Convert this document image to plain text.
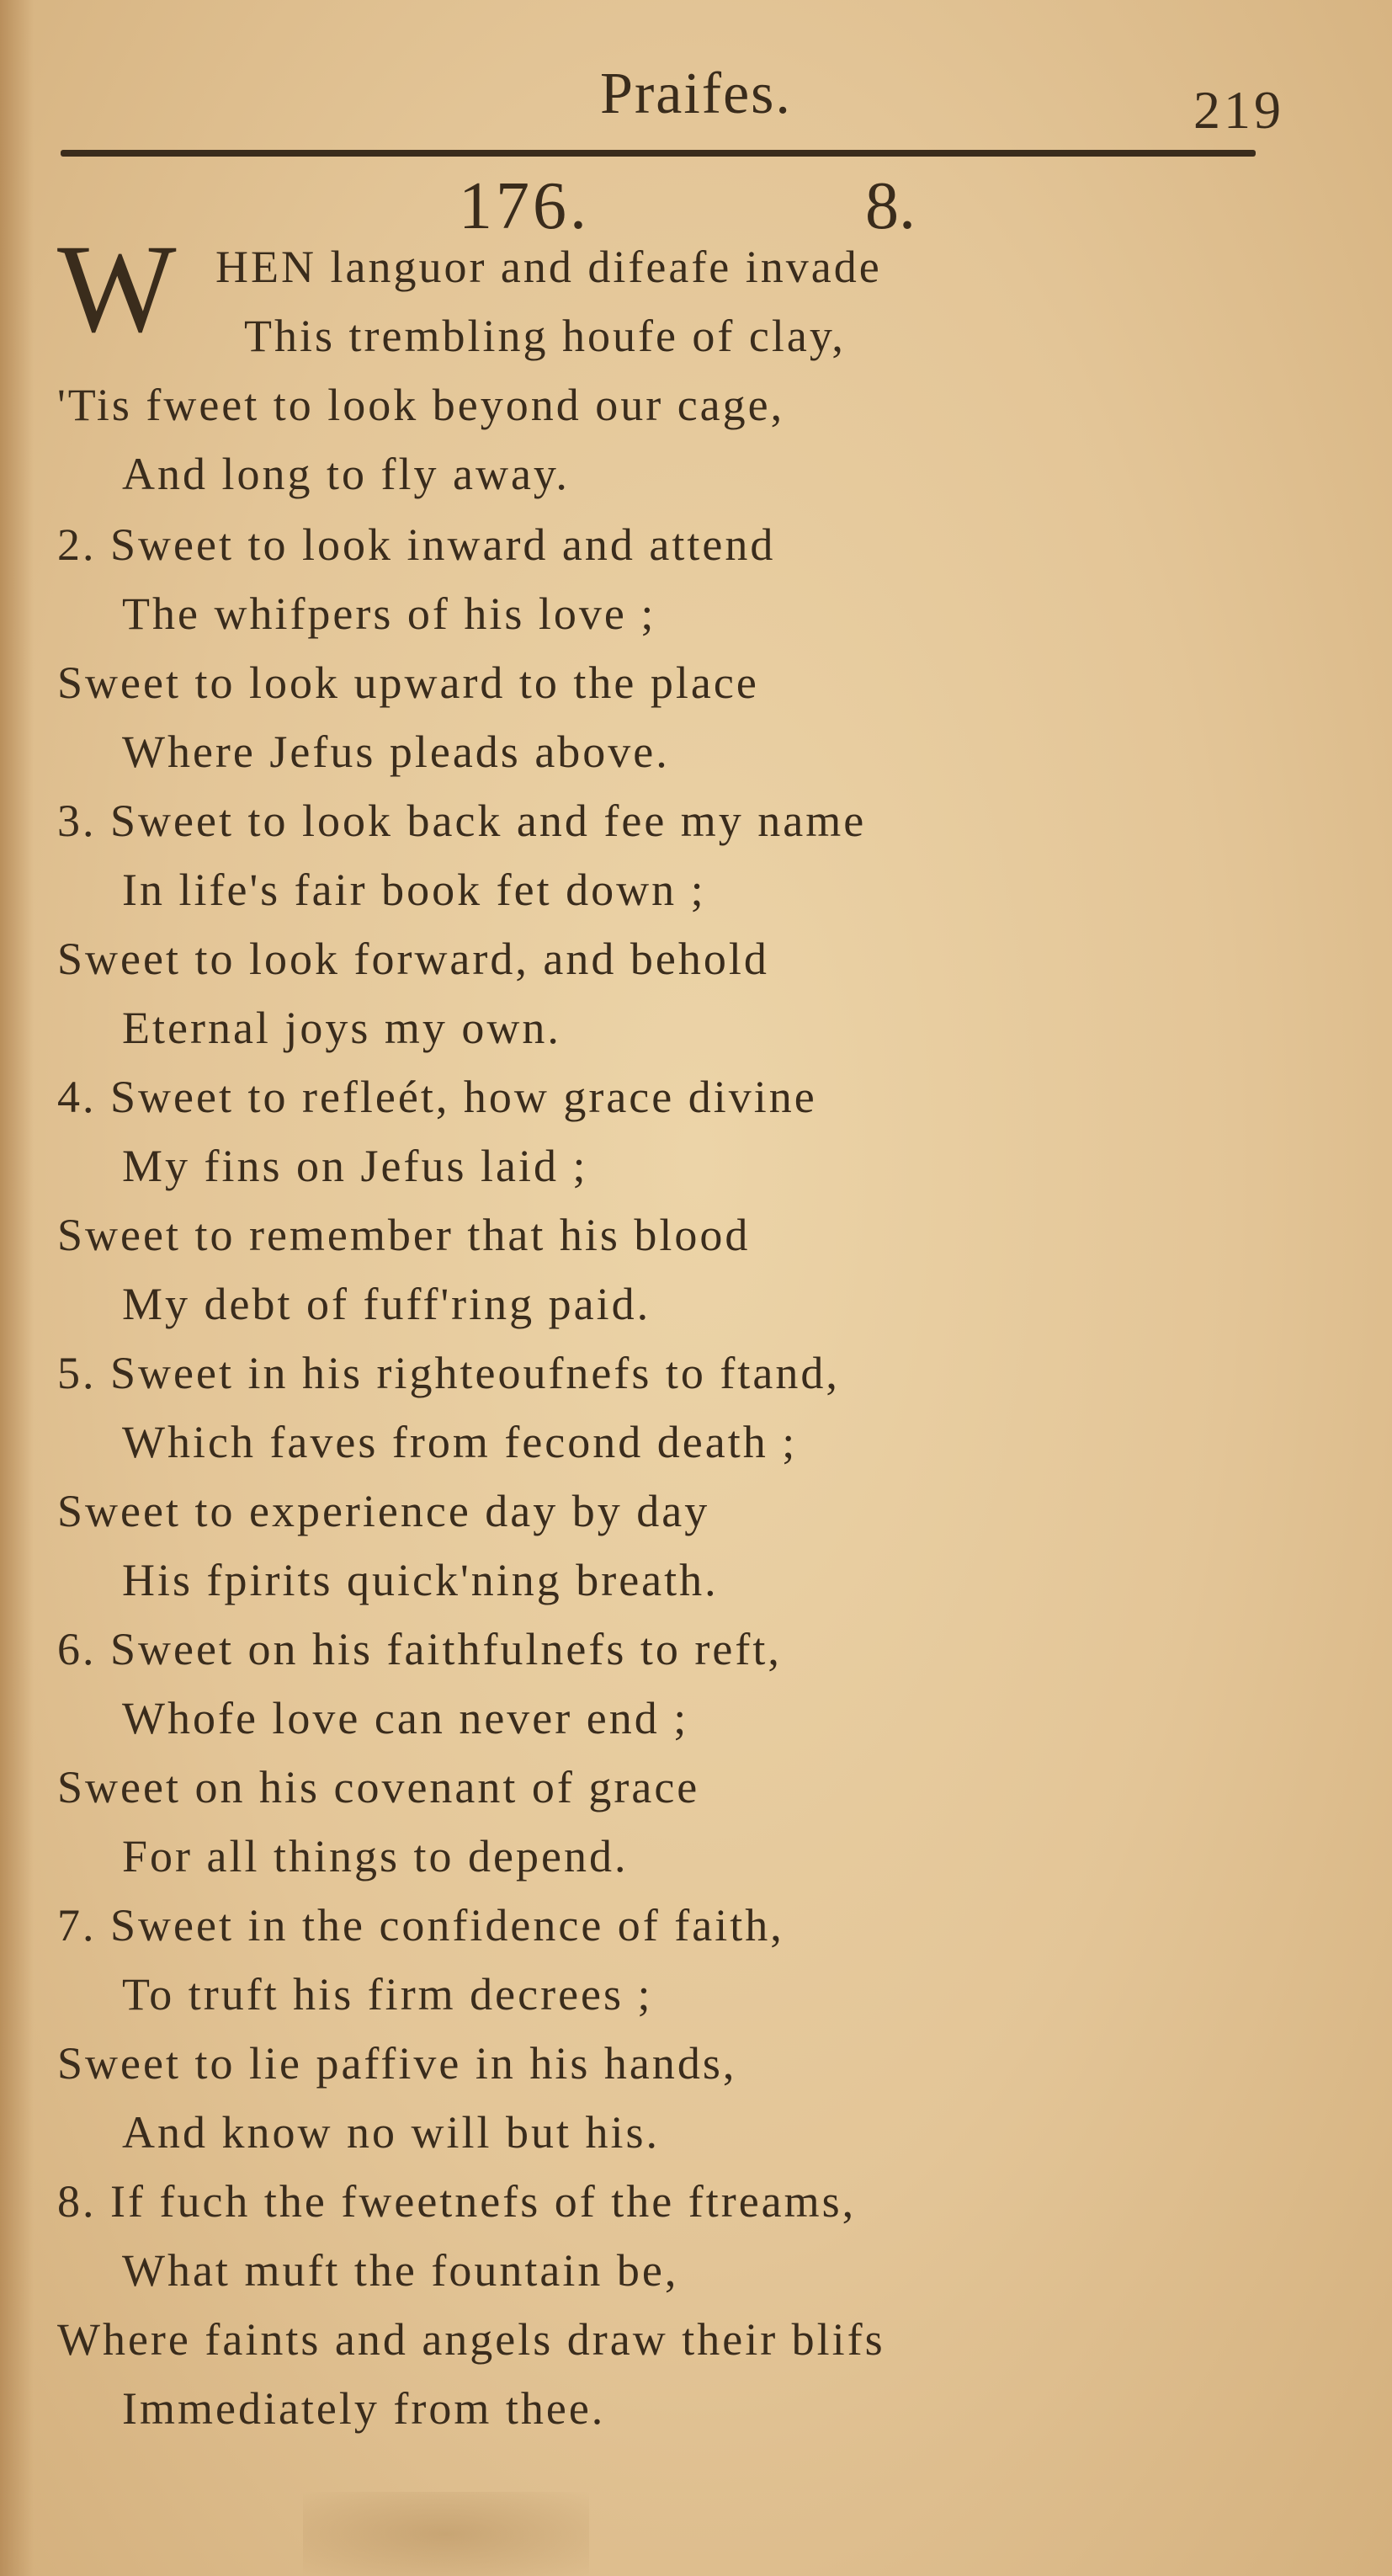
Praifes.	219
176.	8.
W HEN languor and difeafe invade
This trembling houfe of clay,
'Tis fweet to look beyond our cage,
And long to fly away.
2. Sweet to look inward and attend
The whifpers of his love ;
Sweet to look upward to the place
Where Jefus pleads above.
3. Sweet to look back and fee my name
In life's fair book fet down ;
Sweet to look forward, and behold
Eternal joys my own.
4. Sweet to refleét, how grace divine
My fins on Jefus laid ;
Sweet to remember that his blood
My debt of fuff'ring paid.
5. Sweet in his righteoufnefs to ftand,
Which faves from fecond death ;
Sweet to experience day by day
His fpirits quick'ning breath.
6. Sweet on his faithfulnefs to reft,
Whofe love can never end ;
Sweet on his covenant of grace
For all things to depend.
7. Sweet in the confidence of faith,
To truft his firm decrees ;
Sweet to lie paffive in his hands,
And know no will but his.
8. If fuch the fweetnefs of the ftreams,
What muft the fountain be,
Where faints and angels draw their blifs
Immediately from thee.
